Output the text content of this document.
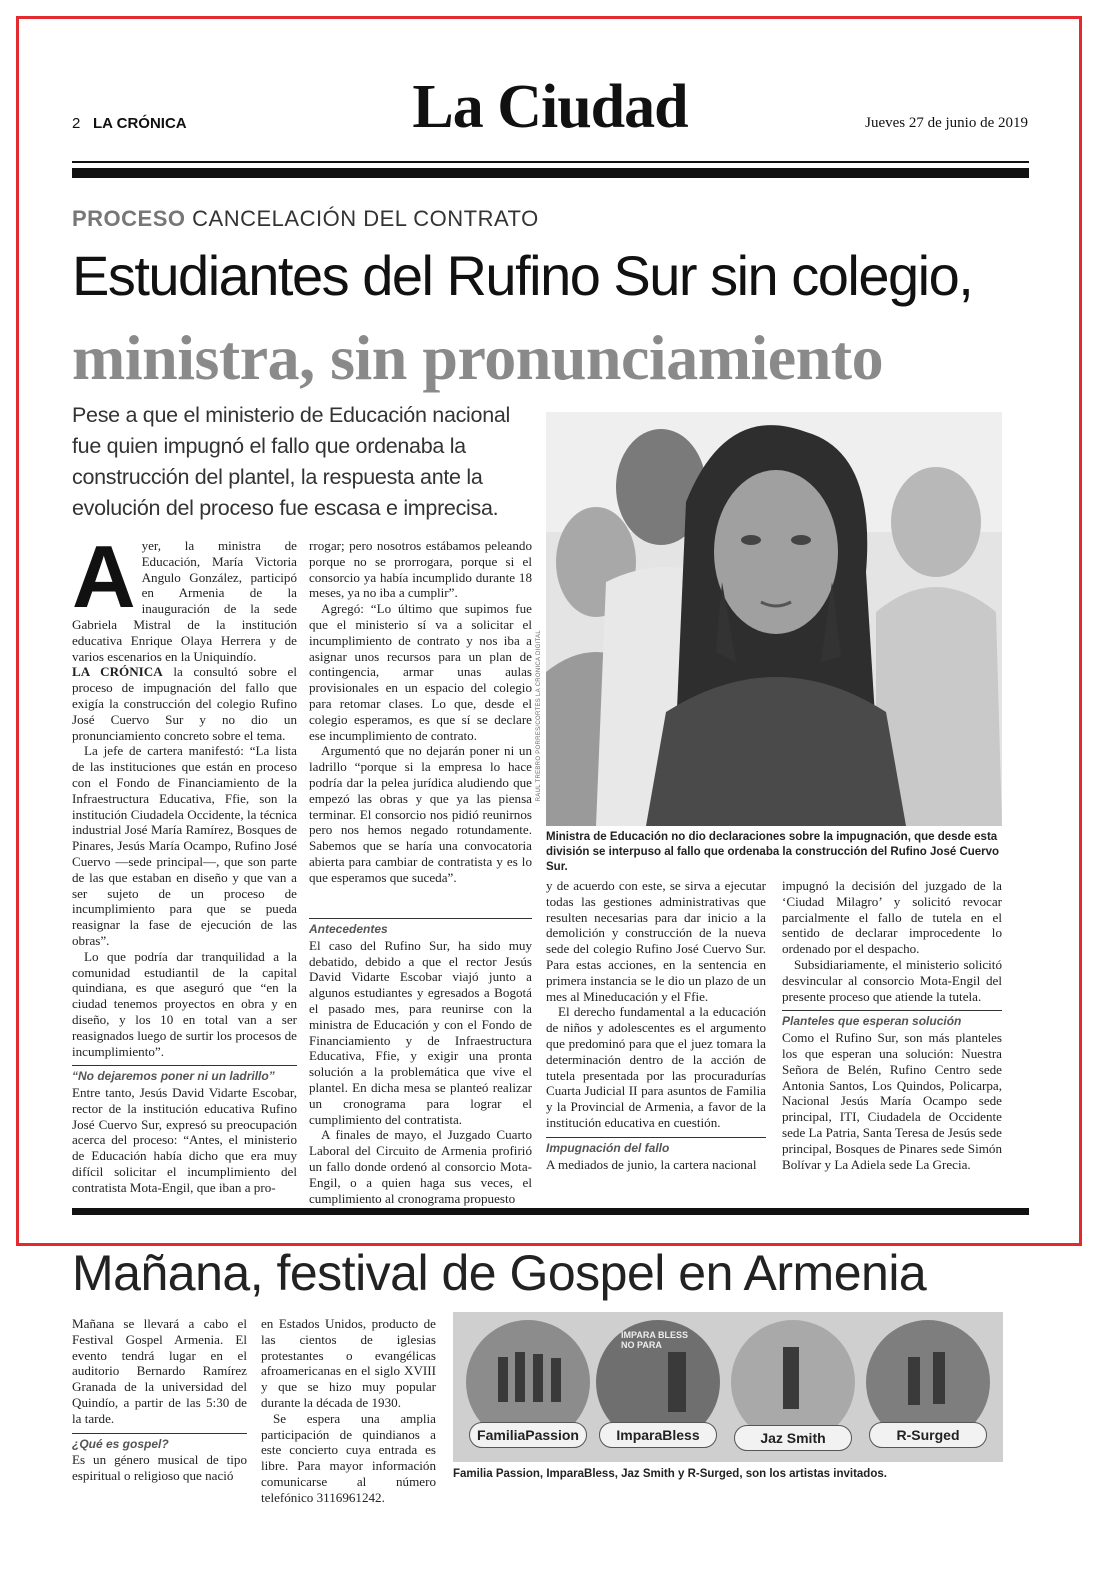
2 LA CRÓNICA	La Ciudad	Jueves 27 de junio de 2019
PROCESO CANCELACIÓN DEL CONTRATO
Estudiantes del Rufino Sur sin colegio,
ministra, sin pronunciamiento
Pese a que el ministerio de Educación nacional fue quien impugnó el fallo que ordenaba la construcción del plantel, la respuesta ante la evolución del proceso fue escasa e imprecisa.
A yer, la ministra de Educación, María Victoria Angulo González, participó en Armenia de la inauguración de la sede Gabriela Mistral de la institución educativa Enrique Olaya Herrera y de varios escenarios en la Uniquindío.

LA CRÓNICA la consultó sobre el proceso de impugnación del fallo que exigía la construcción del colegio Rufino José Cuervo Sur y no dio un pronunciamiento concreto sobre el tema.

La jefe de cartera manifestó: “La lista de las instituciones que están en proceso con el Fondo de Financiamiento de la Infraestructura Educativa, Ffie, son la institución Ciudadela Occidente, la técnica industrial José María Ramírez, Bosques de Pinares, Jesús María Ocampo, Rufino José Cuervo —sede principal—, que son parte de las que estaban en diseño y que van a ser sujeto de un proceso de incumplimiento para que se pueda reasignar la fase de ejecución de las obras”.

Lo que podría dar tranquilidad a la comunidad estudiantil de la capital quindiana, es que aseguró que “en la ciudad tenemos proyectos en obra y en diseño, y los 10 en total van a ser reasignados luego de surtir los procesos de incumplimiento”.

“No dejaremos poner ni un ladrillo”

Entre tanto, Jesús David Vidarte Escobar, rector de la institución educativa Rufino José Cuervo Sur, expresó su preocupación acerca del proceso: “Antes, el ministerio de Educación había dicho que era muy difícil solicitar el incumplimiento del contratista Mota-Engil, que iban a pro-

rrogar; pero nosotros estábamos peleando porque no se prorrogara, porque si el consorcio ya había incumplido durante 18 meses, ya no iba a cumplir”.

Agregó: “Lo último que supimos fue que el ministerio sí va a solicitar el incumplimiento de contrato y nos iba a asignar unos recursos para un plan de contingencia, armar unas aulas provisionales en un espacio del colegio para retomar clases. Lo que, desde el colegio esperamos, es que sí se declare ese incumplimiento de contrato.

Argumentó que no dejarán poner ni un ladrillo “porque si la empresa lo hace podría dar la pelea jurídica aludiendo que empezó las obras y que ya las piensa terminar. El consorcio nos pidió reunirnos pero nos hemos negado rotundamente. Sabemos que se haría una convocatoria abierta para cambiar de contratista y es lo que esperamos que suceda”.

Antecedentes

El caso del Rufino Sur, ha sido muy debatido, debido a que el rector Jesús David Vidarte Escobar viajó junto a algunos estudiantes y egresados a Bogotá el pasado mes, para reunirse con la ministra de Educación y con el Fondo de Financiamiento y de Infraestructura Educativa, Ffie, y exigir una pronta solución a la problemática que vive el plantel. En dicha mesa se planteó realizar un cronograma para lograr el cumplimiento del contratista.

A finales de mayo, el Juzgado Cuarto Laboral del Circuito de Armenia profirió un fallo donde ordenó al consorcio Mota- Engil, o a quien haga sus veces, el cumplimiento al cronograma propuesto

RAÚL TREBRO PORRES/CORTÉS LA CRÓNICA DIGITAL
Ministra de Educación no dio declaraciones sobre la impugnación, que desde esta división se interpuso al fallo que ordenaba la construcción del Rufino José Cuervo Sur.

y de acuerdo con este, se sirva a ejecutar todas las gestiones administrativas que resulten necesarias para dar inicio a la demolición y construcción de la nueva sede del colegio Rufino José Cuervo Sur. Para estas acciones, en la sentencia en primera instancia se le dio un plazo de un mes al Mineducación y el Ffie.

El derecho fundamental a la educación de niños y adolescentes es el argumento que predominó para que el juez tomara la determinación dentro de la acción de tutela presentada por las procuradurías Cuarta Judicial II para asuntos de Familia y la Provincial de Armenia, a favor de la institución educativa en cuestión.

Impugnación del fallo

A mediados de junio, la cartera nacional

impugnó la decisión del juzgado de la ‘Ciudad Milagro’ y solicitó revocar parcialmente el fallo de tutela en el sentido de declarar improcedente lo ordenado por el despacho.

Subsidiariamente, el ministerio solicitó desvincular al consorcio Mota-Engil del presente proceso que atiende la tutela.

Planteles que esperan solución

Como el Rufino Sur, son más planteles los que esperan una solución: Nuestra Señora de Belén, Rufino Centro sede Antonia Santos, Los Quindos, Policarpa, Nacional Jesús María Ocampo sede principal, ITI, Ciudadela de Occidente sede La Patria, Santa Teresa de Jesús sede principal, Bosques de Pinares sede Simón Bolívar y La Adiela sede La Grecia.

Mañana, festival de Gospel en Armenia

Mañana se llevará a cabo el Festival Gospel Armenia. El evento tendrá lugar en el auditorio Bernardo Ramírez Granada de la universidad del Quindío, a partir de las 5:30 de la tarde.

¿Qué es gospel?

Es un género musical de tipo espiritual o religioso que nació

en Estados Unidos, producto de las cientos de iglesias protestantes o evangélicas afroamericanas en el siglo XVIII y que se hizo muy popular durante la década de 1930.

Se espera una amplia participación de quindianos a este concierto cuya entrada es libre. Para mayor información comunicarse al número telefónico 3116961242.

IMPARA BLESS NO PARA
FamiliaPassion	ImparaBless	Jaz Smith	R-Surged
Familia Passion, ImparaBless, Jaz Smith y R-Surged, son los artistas invitados.
